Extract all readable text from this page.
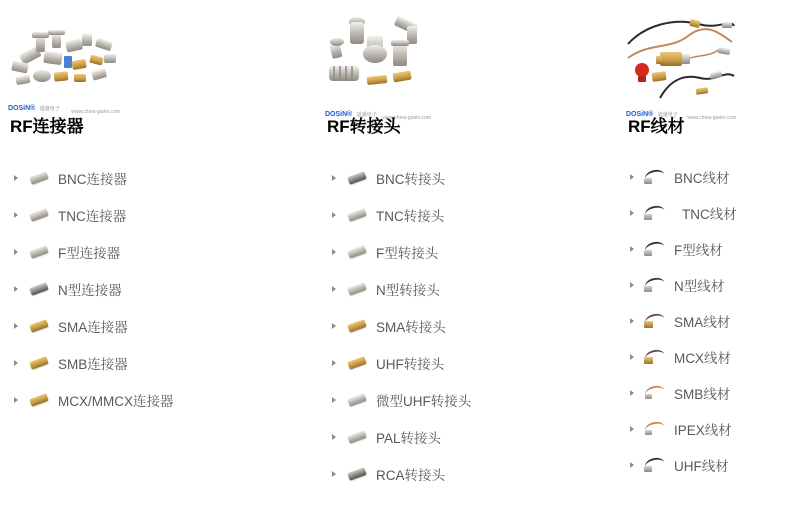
DOSiN® 道盛电子 www.china-gaoin.com
RF连接器
BNC连接器
TNC连接器
F型连接器
N型连接器
SMA连接器
SMB连接器
MCX/MMCX连接器
DOSiN® 道盛电子 www.china-gaoin.com
RF转接头
BNC转接头
TNC转接头
F型转接头
N型转接头
SMA转接头
UHF转接头
微型UHF转接头
PAL转接头
RCA转接头
DOSiN® 道盛电子 www.china-gaoin.com
RF线材
BNC线材
TNC线材
F型线材
N型线材
SMA线材
MCX线材
SMB线材
IPEX线材
UHF线材
